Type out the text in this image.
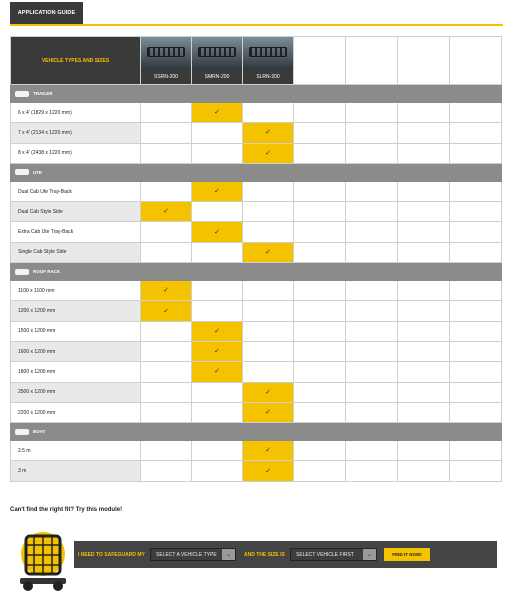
APPLICATION GUIDE
VEHICLE TYPES AND SIZES	SSRN-200	SMRN-200	SLRN-200				

TRAILER							

6 x 4' (1829 x 1220 mm)		✓					
7 x 4' (2134 x 1220 mm)			✓				
8 x 4' (2438 x 1220 mm)			✓				

UTE							

Dual Cab Ute Tray-Back		✓					
Dual Cab Style Side	✓						
Extra Cab Ute Tray-Back		✓					
Single Cab Style Side			✓				

ROOF RACK							

1100 x 1100 mm	✓						
1200 x 1200 mm	✓						
1500 x 1200 mm		✓					
1600 x 1200 mm		✓					
1800 x 1200 mm		✓					
2500 x 1200 mm			✓				
2200 x 1200 mm			✓				

BOAT							

2.5 m			✓				
3 m			✓				
Can't find the right fit? Try this module!
I NEED TO SAFEGUARD MY SELECT A VEHICLE TYPE	⌄	AND THE SIZE IS SELECT VEHICLE FIRST	⌄	FIND IT NOW!
